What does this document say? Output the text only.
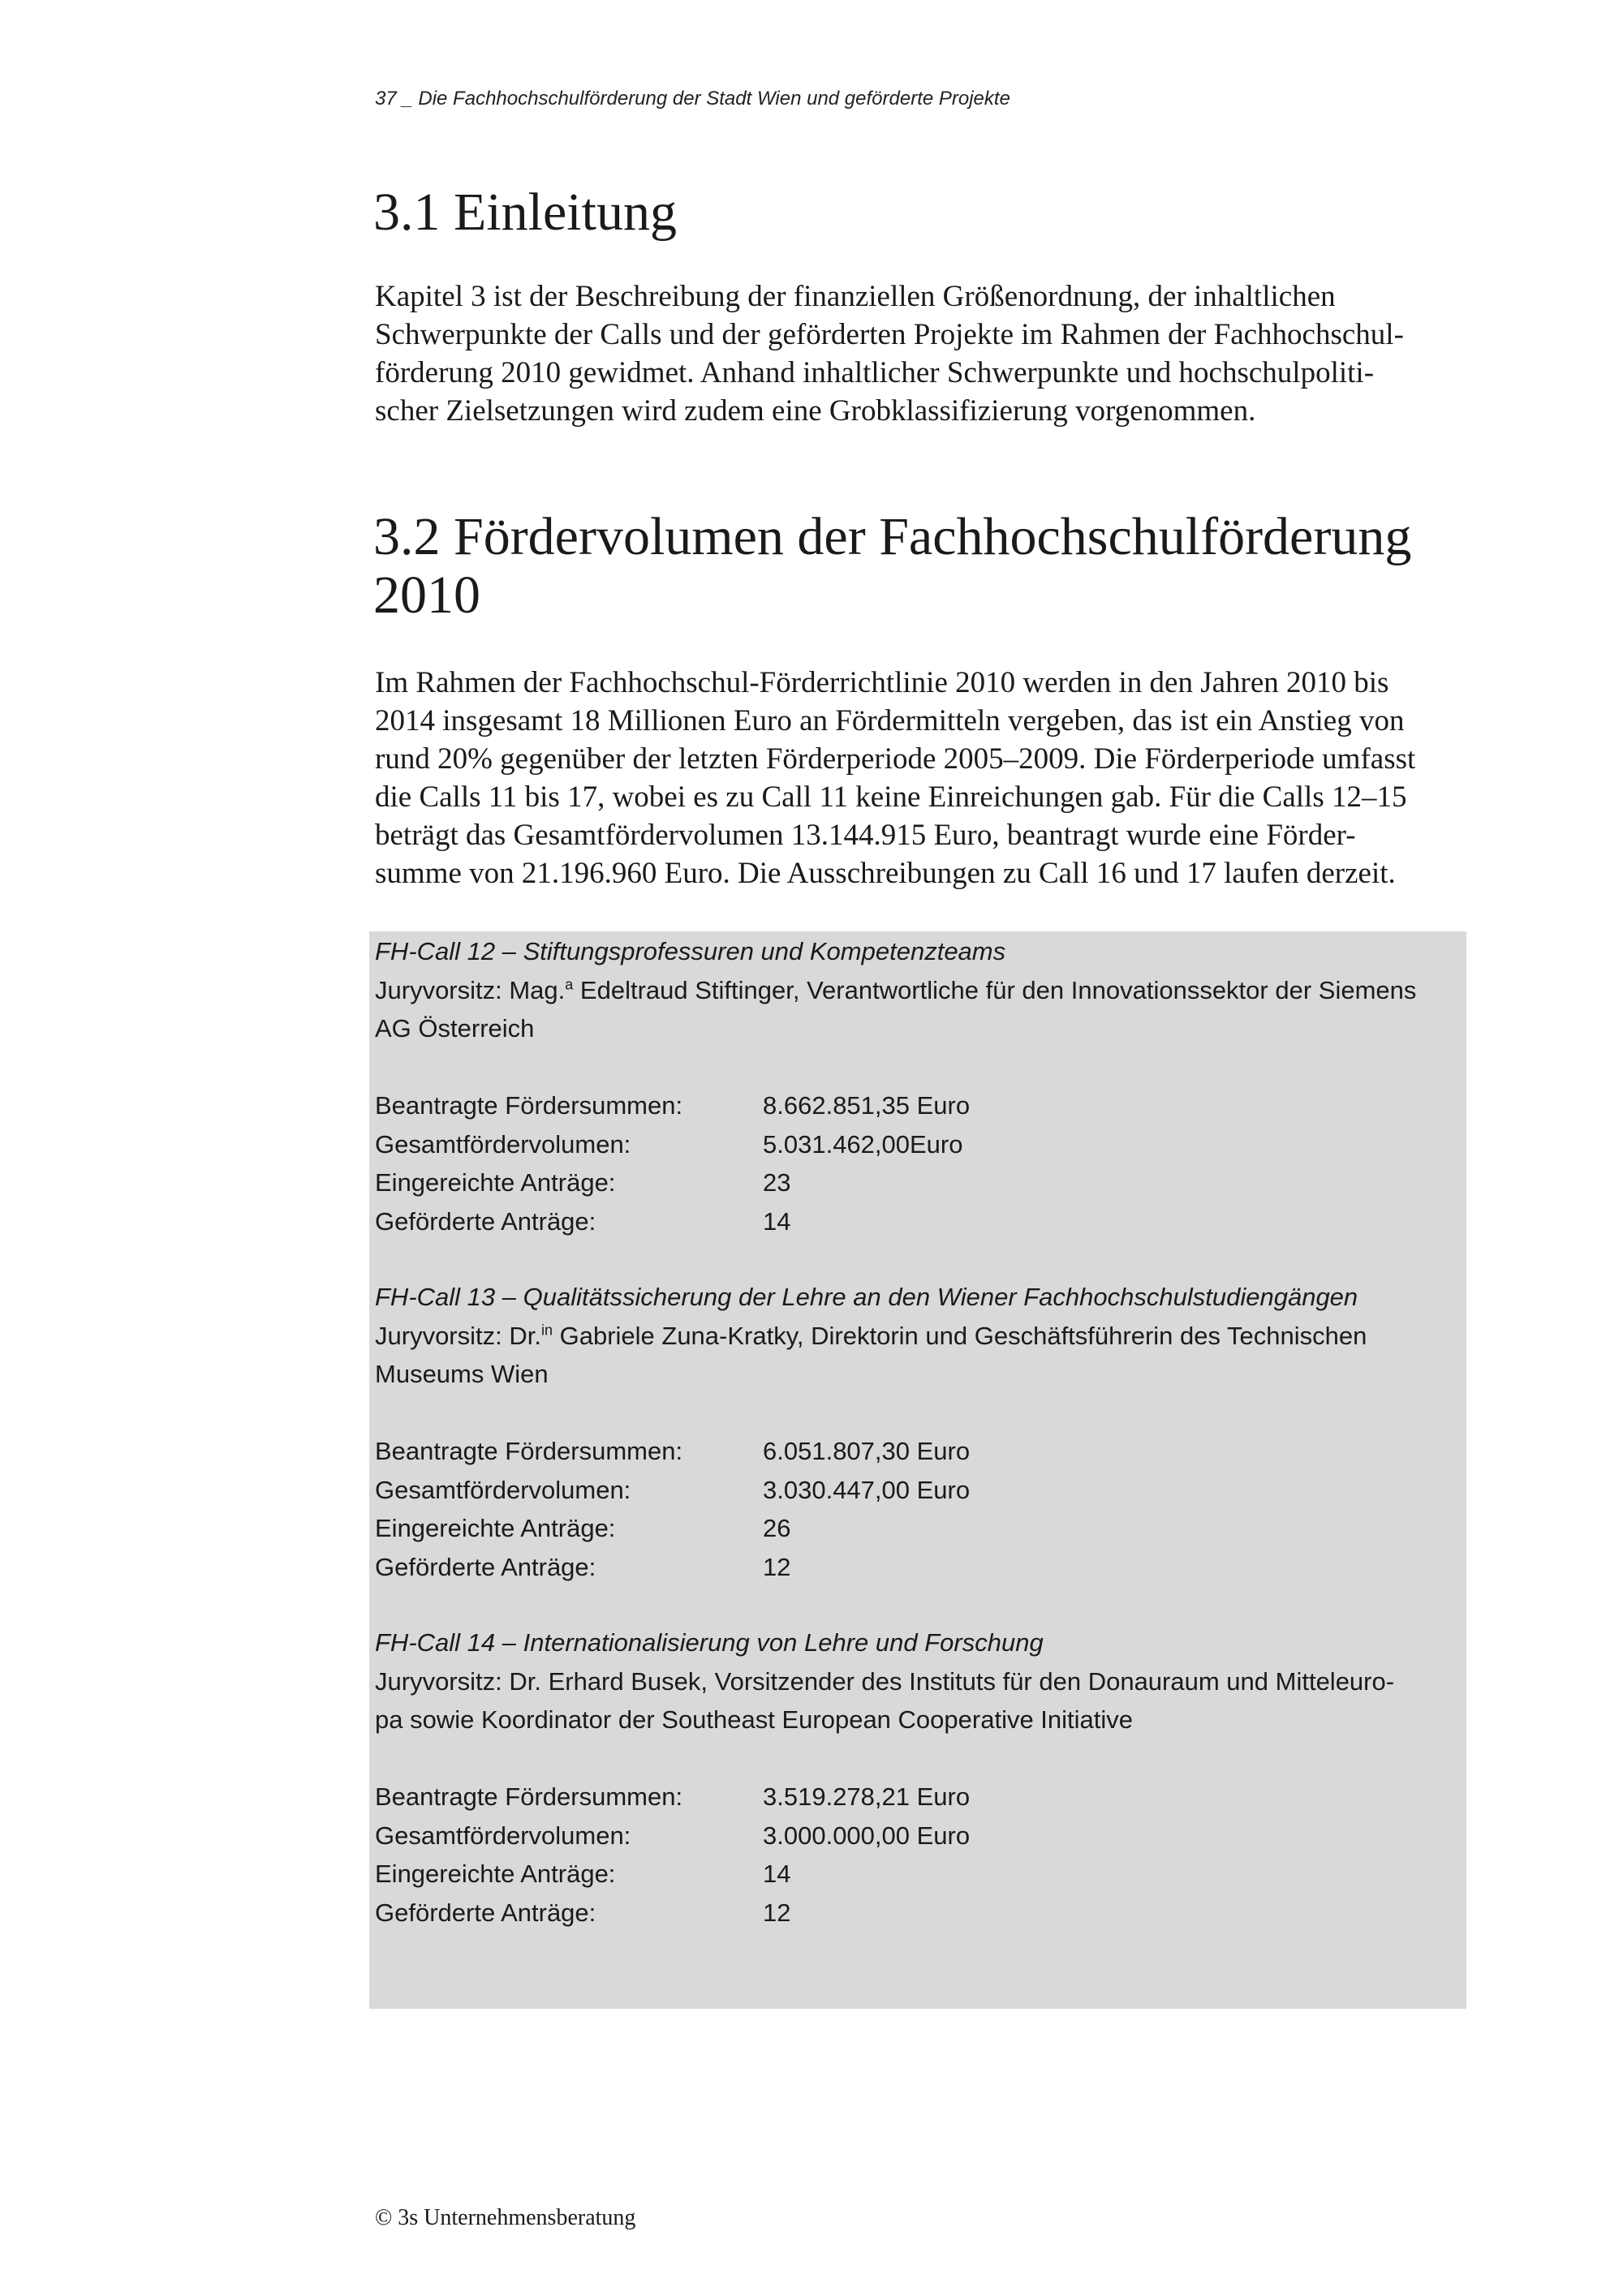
37 _ Die Fachhochschulförderung der Stadt Wien und geförderte Projekte
3.1 Einleitung

Kapitel 3 ist der Beschreibung der finanziellen Größenordnung, der inhaltlichen
Schwerpunkte der Calls und der geförderten Projekte im Rahmen der Fachhochschul-
förderung 2010 gewidmet. Anhand inhaltlicher Schwerpunkte und hochschulpoliti-
scher Zielsetzungen wird zudem eine Grobklassifizierung vorgenommen.

3.2 Fördervolumen der Fachhochschulförderung
2010

Im Rahmen der Fachhochschul-Förderrichtlinie 2010 werden in den Jahren 2010 bis
2014 insgesamt 18 Millionen Euro an Fördermitteln vergeben, das ist ein Anstieg von
rund 20% gegenüber der letzten Förderperiode 2005–2009. Die Förderperiode umfasst
die Calls 11 bis 17, wobei es zu Call 11 keine Einreichungen gab. Für die Calls 12–15
beträgt das Gesamtfördervolumen 13.144.915 Euro, beantragt wurde eine Förder-
summe von 21.196.960 Euro. Die Ausschreibungen zu Call 16 und 17 laufen derzeit.

FH-Call 12 – Stiftungsprofessuren und Kompetenzteams
Juryvorsitz: Mag.$^a$ Edeltraud Stiftinger, Verantwortliche für den Innovationssektor der Siemens
AG Österreich
Beantragte Fördersummen:	8.662.851,35 Euro
Gesamtfördervolumen:	5.031.462,00Euro
Eingereichte Anträge:	23
Geförderte Anträge:	14
FH-Call 13 – Qualitätssicherung der Lehre an den Wiener Fachhochschulstudiengängen
Juryvorsitz: Dr.$^{in}$ Gabriele Zuna-Kratky, Direktorin und Geschäftsführerin des Technischen
Museums Wien
Beantragte Fördersummen:	6.051.807,30 Euro
Gesamtfördervolumen:	3.030.447,00 Euro
Eingereichte Anträge:	26
Geförderte Anträge:	12
FH-Call 14 – Internationalisierung von Lehre und Forschung
Juryvorsitz: Dr. Erhard Busek, Vorsitzender des Instituts für den Donauraum und Mitteleuro-
pa sowie Koordinator der Southeast European Cooperative Initiative
Beantragte Fördersummen:	3.519.278,21 Euro
Gesamtfördervolumen:	3.000.000,00 Euro
Eingereichte Anträge:	14
Geförderte Anträge:	12
© 3s Unternehmensberatung
